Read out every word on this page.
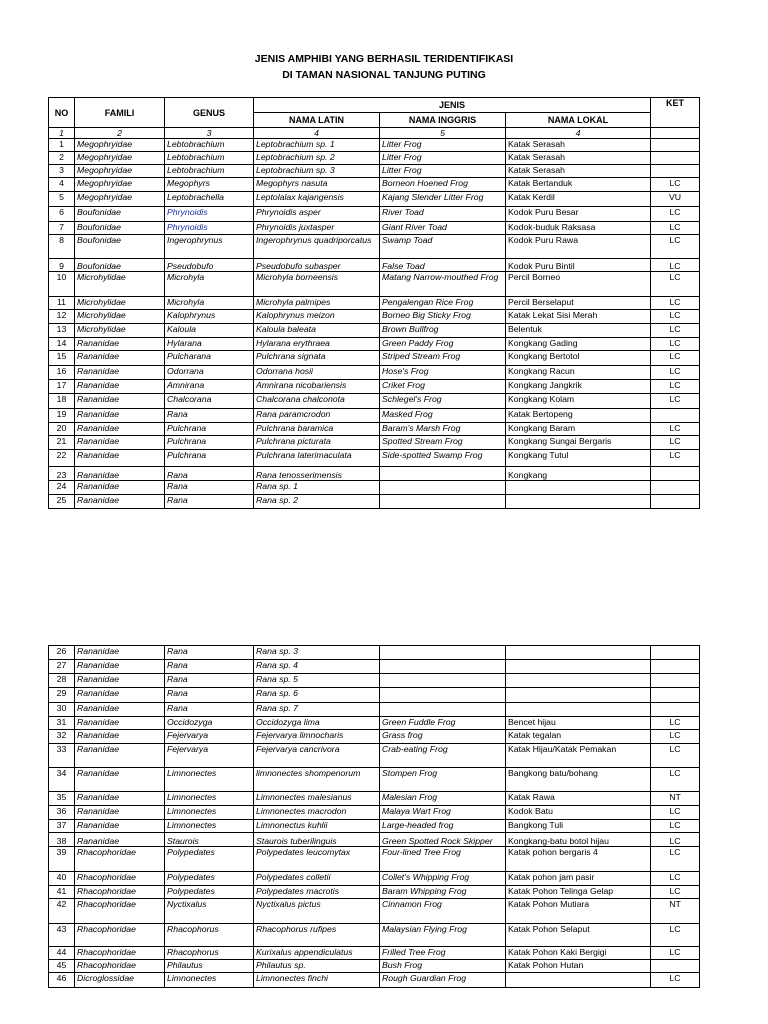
JENIS AMPHIBI YANG BERHASIL TERIDENTIFIKASI
DI TAMAN NASIONAL TANJUNG PUTING
NO	FAMILI	GENUS	JENIS			KET
			NAMA LATIN	NAMA INGGRIS	NAMA LOKAL	
1	2	3	4	5	4	
1	Megophryidae	Lebtobrachium	Leptobrachium sp. 1	Litter Frog	Katak Serasah	
2	Megophryidae	Lebtobrachium	Leptobrachium sp. 2	Litter Frog	Katak Serasah	
3	Megophryidae	Lebtobrachium	Leptobrachium sp. 3	Litter Frog	Katak Serasah	
4	Megophryidae	Megophyrs	Megophyrs nasuta	Borneon Hoened Frog	Katak Bertanduk	LC
5	Megophryidae	Leptobrachella	Leptolalax kajangensis	Kajang Slender Litter Frog	Katak Kerdil	VU
6	Boufonidae	Phrynoidis	Phrynoidis asper	River Toad	Kodok Puru Besar	LC
7	Boufonidae	Phrynoidis	Phrynoidis juxtasper	Giant River Toad	Kodok-buduk Raksasa	LC
8	Boufonidae	Ingerophrynus	Ingerophrynus quadriporcatus	Swamp Toad	Kodok Puru Rawa	LC
9	Boufonidae	Pseudobufo	Pseudobufo subasper	False Toad	Kodok Puru Bintil	LC
10	Microhylidae	Microhyla	Microhyla borneensis	Matang Narrow-mouthed Frog	Percil Borneo	LC
11	Microhylidae	Microhyla	Microhyla palmipes	Pengalengan Rice Frog	Percil Berselaput	LC
12	Microhylidae	Kalophrynus	Kalophrynus meizon	Borneo Big Sticky Frog	Katak Lekat Sisi Merah	LC
13	Microhylidae	Kaloula	Kaloula baleata	Brown Bullfrog	Belentuk	LC
14	Rananidae	Hylarana	Hylarana erythraea	Green Paddy Frog	Kongkang Gading	LC
15	Rananidae	Pulcharana	Pulchrana signata	Striped Stream Frog	Kongkang Bertotol	LC
16	Rananidae	Odorrana	Odorrana hosii	Hose's Frog	Kongkang Racun	LC
17	Rananidae	Amnirana	Amnirana nicobariensis	Criket Frog	Kongkang Jangkrik	LC
18	Rananidae	Chalcorana	Chalcorana chalconota	Schlegel's Frog	Kongkang Kolam	LC
19	Rananidae	Rana	Rana paramcrodon	Masked Frog	Katak Bertopeng	
20	Rananidae	Pulchrana	Pulchrana baramica	Baram's Marsh Frog	Kongkang Baram	LC
21	Rananidae	Pulchrana	Pulchrana picturata	Spotted Stream Frog	Kongkang Sungai Bergaris	LC
22	Rananidae	Pulchrana	Pulchrana laterimaculata	Side-spotted Swamp Frog	Kongkang Tutul	LC
23	Rananidae	Rana	Rana tenosserimensis		Kongkang	
24	Rananidae	Rana	Rana sp. 1			
25	Rananidae	Rana	Rana sp. 2			
26	Rananidae	Rana	Rana sp. 3			
27	Rananidae	Rana	Rana sp. 4			
28	Rananidae	Rana	Rana sp. 5			
29	Rananidae	Rana	Rana sp. 6			
30	Rananidae	Rana	Rana sp. 7			
31	Rananidae	Occidozyga	Occidozyga lima	Green Fuddle Frog	Bencet hijau	LC
32	Rananidae	Fejervarya	Fejervarya limnocharis	Grass frog	Katak tegalan	LC
33	Rananidae	Fejervarya	Fejervarya cancrivora	Crab-eating Frog	Katak Hijau/Katak Pemakan	LC
34	Rananidae	Limnonectes	limnonectes shompenorum	Stompen Frog	Bangkong batu/bohang	LC
35	Rananidae	Limnonectes	Limnonectes malesianus	Malesian Frog	Katak Rawa	NT
36	Rananidae	Limnonectes	Limnonectes macrodon	Malaya Wart Frog	Kodok Batu	LC
37	Rananidae	Limnonectes	Limnonectus kuhlii	Large-headed frog	Bangkong Tuli	LC
38	Rananidae	Staurois	Staurois tuberilinguis	Green Spotted Rock Skipper	Kongkang-batu botol hijau	LC
39	Rhacophoridae	Polypedates	Polypedates leucomytax	Four-lined Tree Frog	Katak pohon bergaris 4	LC
40	Rhacophoridae	Polypedates	Polypedates colletii	Collet's Whipping Frog	Katak pohon jam pasir	LC
41	Rhacophoridae	Polypedates	Polypedates macrotis	Baram Whipping Frog	Katak Pohon Telinga Gelap	LC
42	Rhacophoridae	Nyctixalus	Nyctixalus pictus	Cinnamon Frog	Katak Pohon Mutiara	NT
43	Rhacophoridae	Rhacophorus	Rhacophorus rufipes	Malaysian Flying Frog	Katak Pohon Selaput	LC
44	Rhacophoridae	Rhacophorus	Kurixalus appendiculatus	Frilled Tree Frog	Katak Pohon Kaki Bergigi	LC
45	Rhacophoridae	Philautus	Philautus sp.	Bush Frog	Katak Pohon Hutan	
46	Dicroglossidae	Limnonectes	Limnonectes finchi	Rough Guardian Frog		LC
